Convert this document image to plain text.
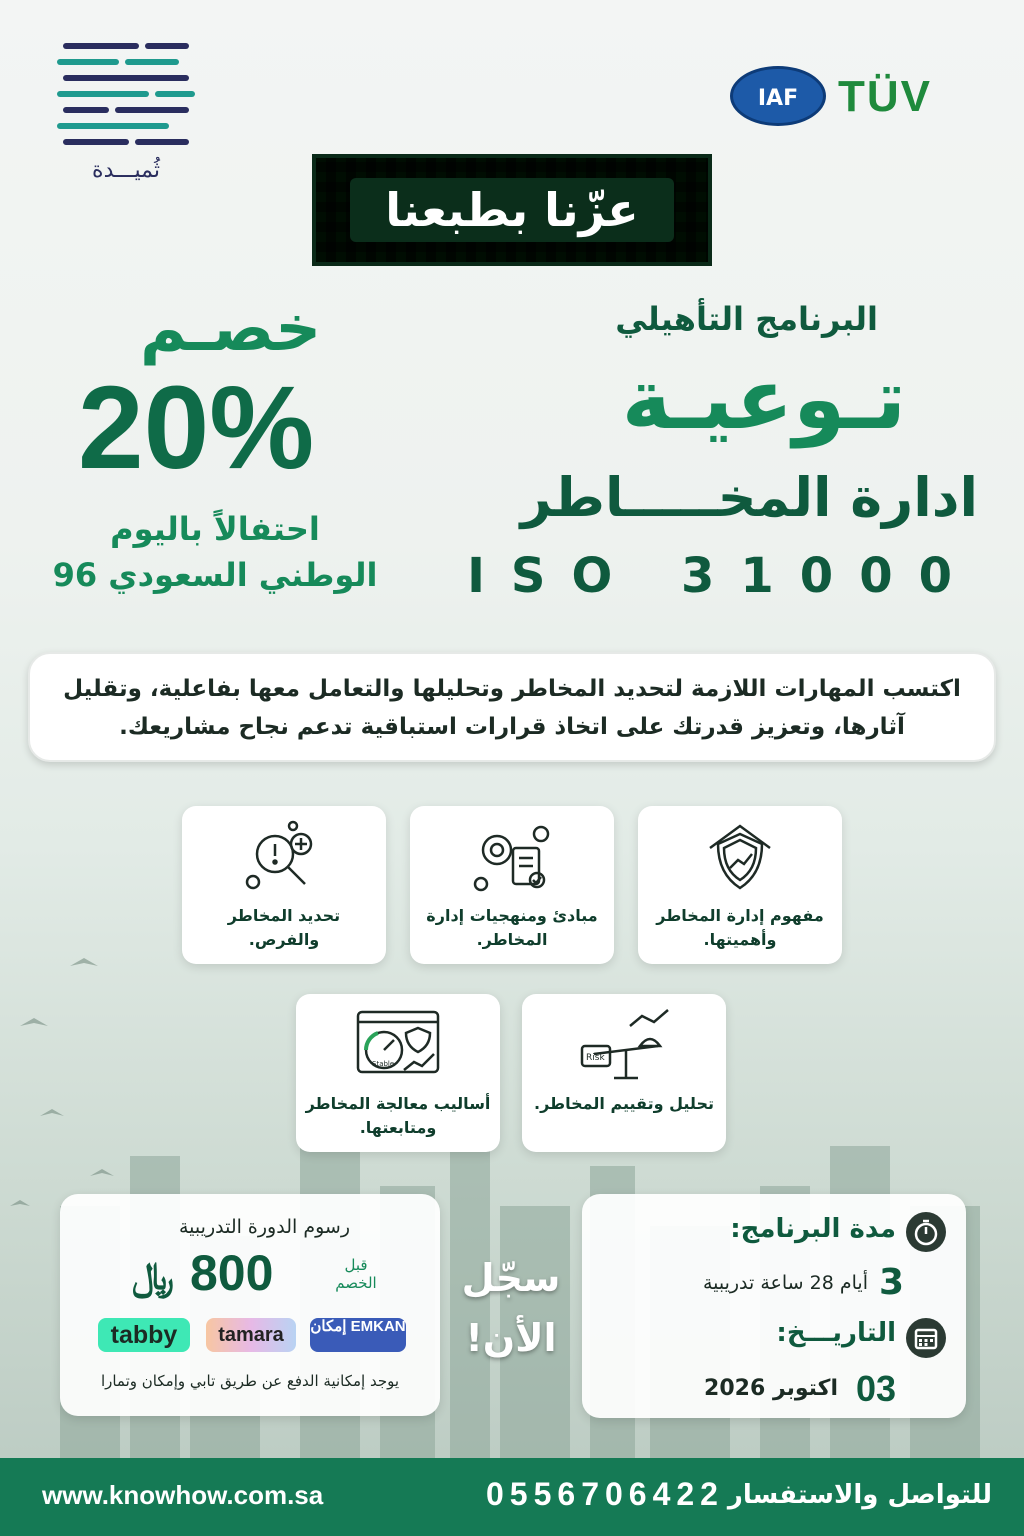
ثُميـــدة
IAF TÜV
عزّنا بطبعنا
البرنامج التأهيلي
تـوعيـة
ادارة المخـــــاطر
ISO 31000
خصـم
20%
احتفالاً باليوم
الوطني السعودي 96

اكتسب المهارات اللازمة لتحديد المخاطر وتحليلها والتعامل معها بفاعلية، وتقليل آثارها، وتعزيز قدرتك على اتخاذ قرارات استباقية تدعم نجاح مشاريعك.

مفهوم إدارة المخاطر وأهميتها.
مبادئ ومنهجيات إدارة المخاطر.
تحديد المخاطر والفرص.
Risk
تحليل وتقييم المخاطر.
Stable
أساليب معالجة المخاطر ومتابعتها.
رسوم الدورة التدريبية
قبل الخصم
800
﷼
tabby	tamara	إمكان EMKAN
يوجد إمكانية الدفع عن طريق تابي وإمكان وتمارا
سجّل الأن!
مدة البرنامج:
3
أيام 28 ساعة تدريبية
التاريـــخ:
03
اكتوبر 2026
www.knowhow.com.sa	0556706422 للتواصل والاستفسار
